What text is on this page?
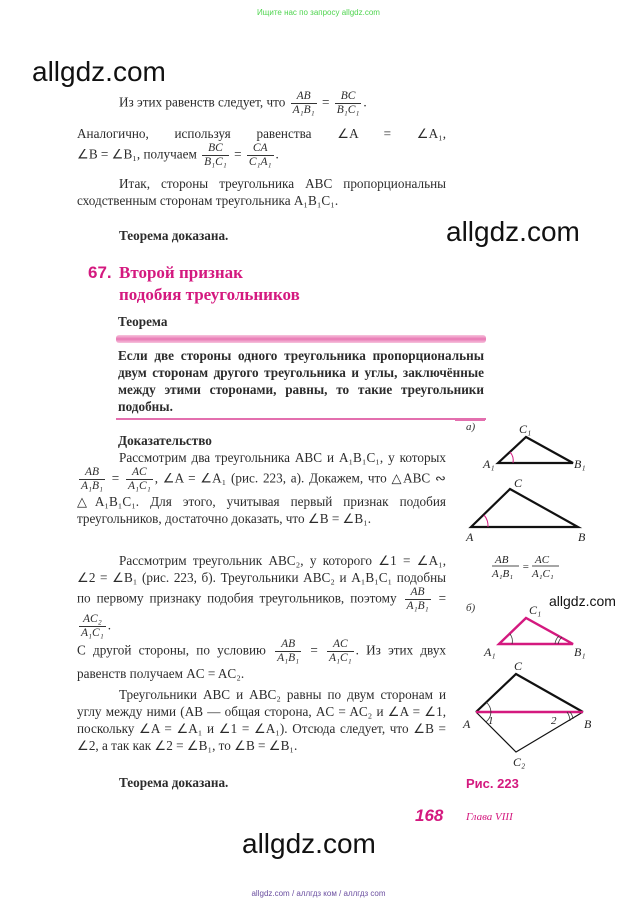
Ищите нас по запросу allgdz.com
allgdz.com
allgdz.com
allgdz.com
allgdz.com
Из этих равенств следует, что $\frac{AB}{\text{A₁B₁}} = \frac{BC}{\text{B₁C₁}}$ .
Аналогично, используя равенства ∠A = ∠A₁,
∠B = ∠B₁, получаем $\frac{BC}{\text{B₁C₁}} = \frac{CA}{\text{C₁A₁}}$ .
Итак, стороны треугольника ABC пропорциональны сходственным сторонам треугольника A₁B₁C₁.
Теорема доказана.
67. Второй признак
подобия треугольников
Теорема
Если две стороны одного треугольника пропорциональны двум сторонам другого треугольника и углы, заключённые между этими сторонами, равны, то такие треугольники подобны.
Доказательство
Рассмотрим два треугольника ABC и A₁B₁C₁, у которых
$\frac{AB}{\text{A₁B₁}} = \frac{AC}{\text{A₁C₁}}$ , ∠A = ∠A₁ (рис. 223, а). Докажем, что △ABC ∾ △A₁B₁C₁. Для этого, учитывая первый признак подобия треугольников, достаточно доказать, что ∠B = ∠B₁.
Рассмотрим треугольник ABC₂, у которого ∠1 = ∠A₁, ∠2 = ∠B₁ (рис. 223, б). Треугольники ABC₂ и A₁B₁C₁ подобны по первому признаку подобия треугольников, поэтому $\frac{AB}{\text{A₁B₁}}$ =
$\frac{\text{AC₂}}{\text{A₁C₁}}$ .
С другой стороны, по условию $\frac{AB}{\text{A₁B₁}} = \frac{AC}{\text{A₁C₁}}$ . Из этих двух равенств получаем AC = AC₂.
Треугольники ABC и ABC₂ равны по двум сторонам и углу между ними (AB — общая сторона, AC = AC₂ и ∠A = ∠1, поскольку ∠A = ∠A₁ и ∠1 = ∠A₁). Отсюда следует, что ∠B = ∠2, а так как ∠2 = ∠B₁, то ∠B = ∠B₁.
Теорема доказана.
а)
A₁	B₁
C₁
A	B
C
AB
A₁B₁
=
AC
A₁C₁
б)
A₁	B₁
C₁
A	B
C
C₂
1	2
Рис. 223
168 Глава VIII
allgdz.com / аллгдз ком / аллгдз com
